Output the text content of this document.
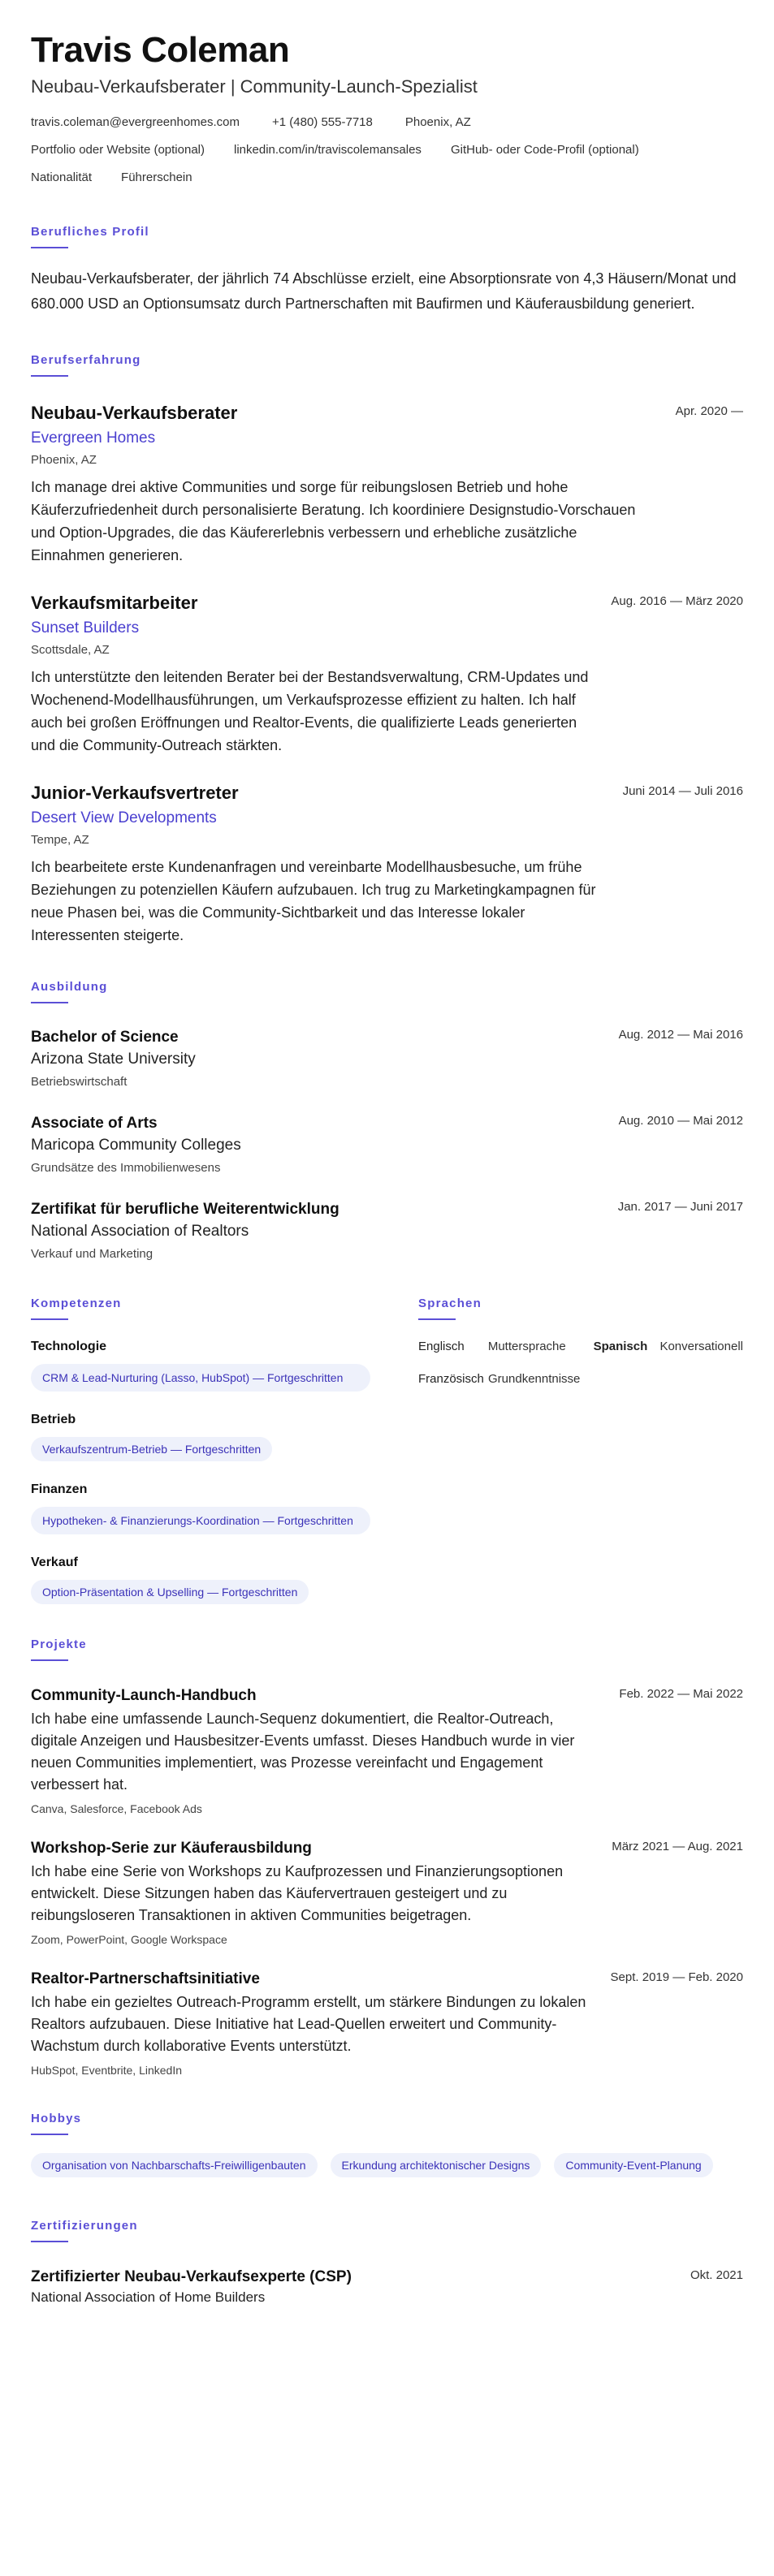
Travis Coleman
Neubau-Verkaufsberater | Community-Launch-Spezialist
travis.coleman@evergreenhomes.com	+1 (480) 555-7718	Phoenix, AZ
Portfolio oder Website (optional) linkedin.com/in/traviscolemansales GitHub- oder Code-Profil (optional)
Nationalität Führerschein
Berufliches Profil

Neubau-Verkaufsberater, der jährlich 74 Abschlüsse erzielt, eine Absorptionsrate von 4,3 Häusern/Monat und 680.000 USD an Optionsumsatz durch Partnerschaften mit Baufirmen und Käuferausbildung generiert.

Berufserfahrung
Neubau-Verkaufsberater
Evergreen Homes
Phoenix, AZ
Apr. 2020 —

Ich manage drei aktive Communities und sorge für reibungslosen Betrieb und hohe Käuferzufriedenheit durch personalisierte Beratung. Ich koordiniere Designstudio-Vorschauen und Option-Upgrades, die das Käufererlebnis verbessern und erhebliche zusätzliche Einnahmen generieren.

Verkaufsmitarbeiter
Sunset Builders
Scottsdale, AZ
Aug. 2016 — März 2020

Ich unterstützte den leitenden Berater bei der Bestandsverwaltung, CRM-Updates und Wochenend-Modellhausführungen, um Verkaufsprozesse effizient zu halten. Ich half auch bei großen Eröffnungen und Realtor-Events, die qualifizierte Leads generierten und die Community-Outreach stärkten.

Junior-Verkaufsvertreter
Desert View Developments
Tempe, AZ
Juni 2014 — Juli 2016

Ich bearbeitete erste Kundenanfragen und vereinbarte Modellhausbesuche, um frühe Beziehungen zu potenziellen Käufern aufzubauen. Ich trug zu Marketingkampagnen für neue Phasen bei, was die Community-Sichtbarkeit und das Interesse lokaler Interessenten steigerte.

Ausbildung
Bachelor of Science
Arizona State University
Betriebswirtschaft
Aug. 2012 — Mai 2016
Associate of Arts
Maricopa Community Colleges
Grundsätze des Immobilienwesens
Aug. 2010 — Mai 2012
Zertifikat für berufliche Weiterentwicklung
National Association of Realtors
Verkauf und Marketing
Jan. 2017 — Juni 2017
Kompetenzen
Technologie
CRM & Lead-Nurturing (Lasso, HubSpot) — Fortgeschritten
Betrieb
Verkaufszentrum-Betrieb — Fortgeschritten
Finanzen
Hypotheken- & Finanzierungs-Koordination — Fortgeschritten
Verkauf
Option-Präsentation & Upselling — Fortgeschritten
Sprachen
Englisch	Muttersprache	Spanisch	Konversationell
Französisch Grundkenntnisse
Projekte
Community-Launch-Handbuch	Feb. 2022 — Mai 2022

Ich habe eine umfassende Launch-Sequenz dokumentiert, die Realtor-Outreach, digitale Anzeigen und Hausbesitzer-Events umfasst. Dieses Handbuch wurde in vier neuen Communities implementiert, was Prozesse vereinfacht und Engagement verbessert hat.

Canva, Salesforce, Facebook Ads
Workshop-Serie zur Käuferausbildung	März 2021 — Aug. 2021

Ich habe eine Serie von Workshops zu Kaufprozessen und Finanzierungsoptionen entwickelt. Diese Sitzungen haben das Käufervertrauen gesteigert und zu reibungsloseren Transaktionen in aktiven Communities beigetragen.

Zoom, PowerPoint, Google Workspace
Realtor-Partnerschaftsinitiative	Sept. 2019 — Feb. 2020

Ich habe ein gezieltes Outreach-Programm erstellt, um stärkere Bindungen zu lokalen Realtors aufzubauen. Diese Initiative hat Lead-Quellen erweitert und Community-Wachstum durch kollaborative Events unterstützt.

HubSpot, Eventbrite, LinkedIn
Hobbys
Organisation von Nachbarschafts-Freiwilligenbauten	Erkundung architektonischer Designs	Community-Event-Planung
Zertifizierungen
Zertifizierter Neubau-Verkaufsexperte (CSP)
National Association of Home Builders
Okt. 2021
